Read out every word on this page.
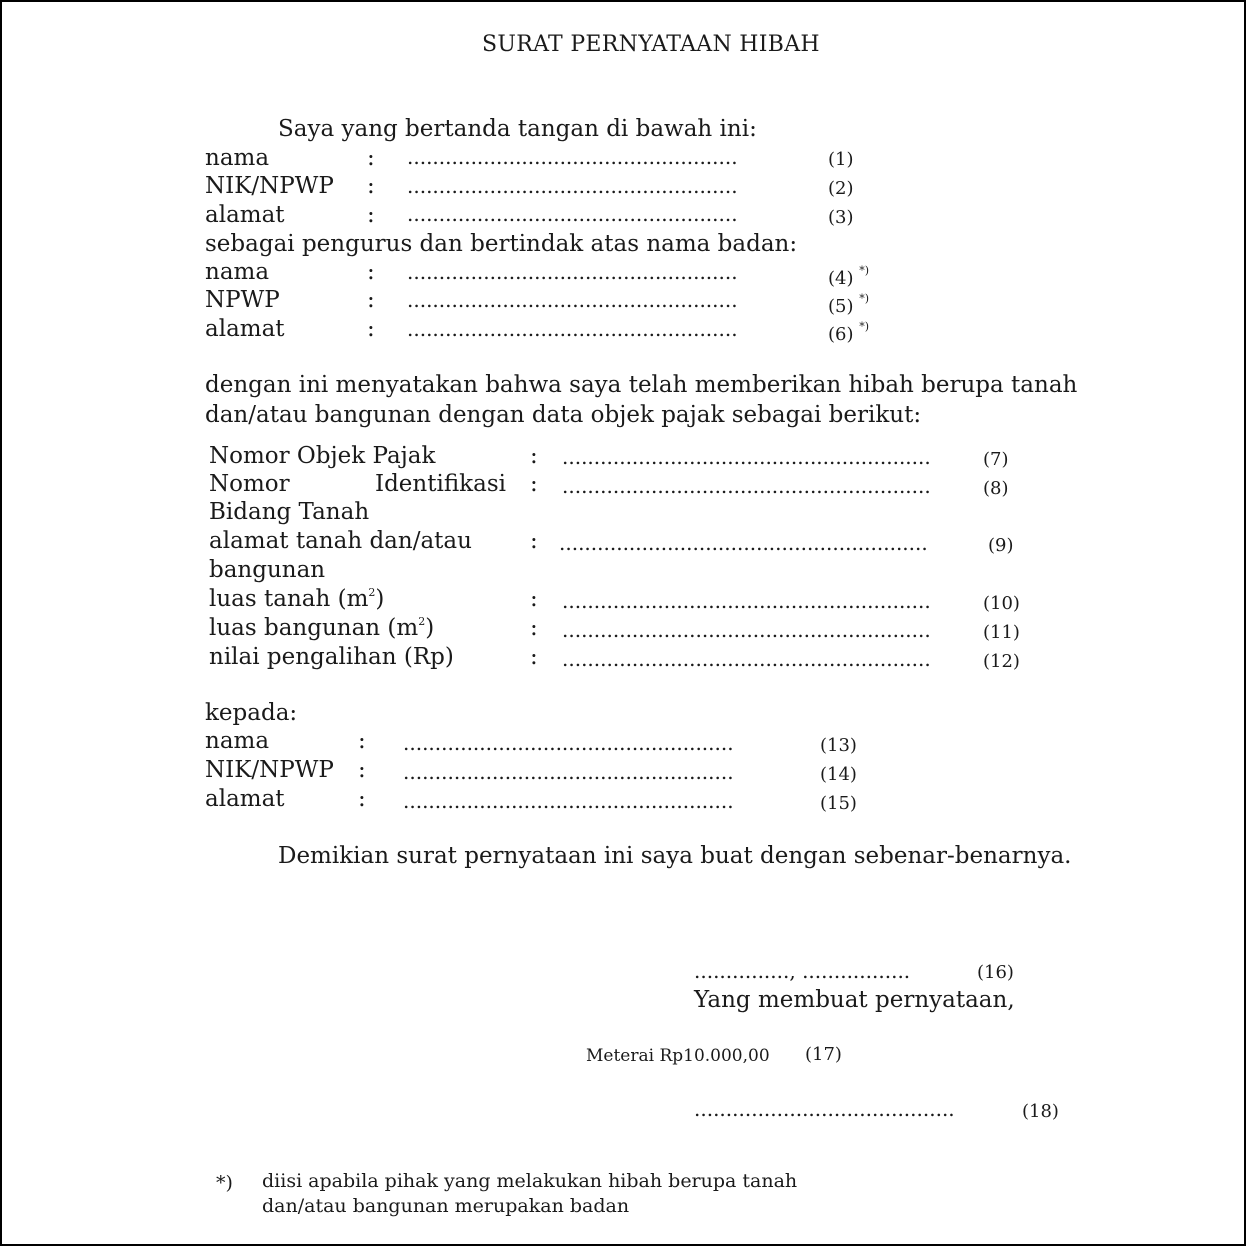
SURAT PERNYATAAN HIBAH
Saya yang bertanda tangan di bawah ini:
nama	: ....................................................	(1)
NIK/NPWP : ....................................................	(2)
alamat	: ....................................................	(3)
sebagai pengurus dan bertindak atas nama badan:
nama	: ....................................................	(4) *)
NPWP	: ....................................................	(5) *)
alamat	: ....................................................	(6) *)
dengan ini menyatakan bahwa saya telah memberikan hibah berupa tanah
dan/atau bangunan dengan data objek pajak sebagai berikut:
Nomor Objek Pajak	: ..........................................................	(7)
Nomor	Identifikasi : ..........................................................	(8)
Bidang Tanah
alamat tanah dan/atau	: ..........................................................	(9)
bangunan
luas tanah $(m^2)$	: ..........................................................	(10)
luas bangunan $(m^2)$	: ..........................................................	(11)
nilai pengalihan (Rp)	: ..........................................................	(12)
kepada:
nama	: ....................................................	(13)
NIK/NPWP : ....................................................	(14)
alamat	: ....................................................	(15)
Demikian surat pernyataan ini saya buat dengan sebenar-benarnya.
..............., .................	(16)
Yang membuat pernyataan,
Meterai Rp10.000,00 (17)
.........................................	(18)
*) diisi apabila pihak yang melakukan hibah berupa tanah
dan/atau bangunan merupakan badan
